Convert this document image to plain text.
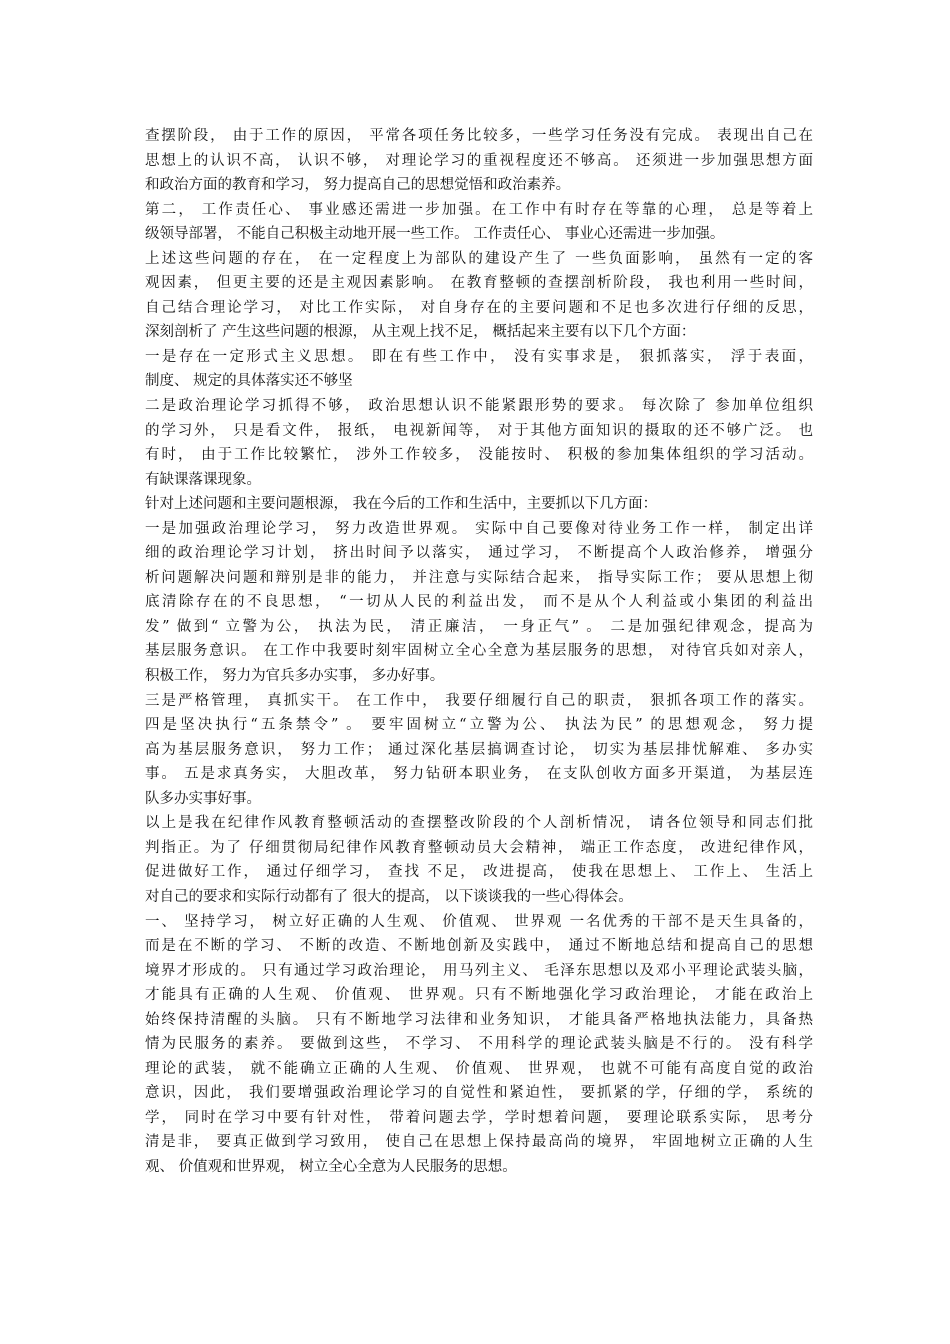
查摆阶段， 由于工作的原因， 平常各项任务比较多，一些学习任务没有完成。 表现出自己在
思想上的认识不高， 认识不够， 对理论学习的重视程度还不够高。 还须进一步加强思想方面
和政治方面的教育和学习， 努力提高自己的思想觉悟和政治素养。
第二， 工作责任心、 事业感还需进一步加强。在工作中有时存在等靠的心理， 总是等着上
级领导部署， 不能自己积极主动地开展一些工作。 工作责任心、 事业心还需进一步加强。
上述这些问题的存在， 在一定程度上为部队的建设产生了 一些负面影响， 虽然有一定的客
观因素， 但更主要的还是主观因素影响。 在教育整顿的查摆剖析阶段， 我也利用一些时间，
自己结合理论学习， 对比工作实际， 对自身存在的主要问题和不足也多次进行仔细的反思，
深刻剖析了 产生这些问题的根源， 从主观上找不足， 概括起来主要有以下几个方面：
一是存在一定形式主义思想。 即在有些工作中， 没有实事求是， 狠抓落实， 浮于表面，
制度、 规定的具体落实还不够坚
二是政治理论学习抓得不够， 政治思想认识不能紧跟形势的要求。 每次除了 参加单位组织
的学习外， 只是看文件， 报纸， 电视新闻等， 对于其他方面知识的摄取的还不够广泛。 也
有时， 由于工作比较繁忙， 涉外工作较多， 没能按时、 积极的参加集体组织的学习活动。
有缺课落课现象。
针对上述问题和主要问题根源， 我在今后的工作和生活中，主要抓以下几方面：
一是加强政治理论学习， 努力改造世界观。 实际中自己要像对待业务工作一样， 制定出详
细的政治理论学习计划， 挤出时间予以落实， 通过学习， 不断提高个人政治修养， 增强分
析问题解决问题和辩别是非的能力， 并注意与实际结合起来， 指导实际工作； 要从思想上彻
底清除存在的不良思想， “一切从人民的利益出发， 而不是从个人利益或小集团的利益出
发” 做到“ 立警为公， 执法为民， 清正廉洁， 一身正气” 。 二是加强纪律观念，提高为
基层服务意识。 在工作中我要时刻牢固树立全心全意为基层服务的思想， 对待官兵如对亲人，
积极工作， 努力为官兵多办实事， 多办好事。
三是严格管理， 真抓实干。 在工作中， 我要仔细履行自己的职责， 狠抓各项工作的落实。
四是坚决执行“五条禁令” 。 要牢固树立“立警为公、 执法为民” 的思想观念， 努力提
高为基层服务意识， 努力工作； 通过深化基层搞调查讨论， 切实为基层排忧解难、 多办实
事。 五是求真务实， 大胆改革， 努力钻研本职业务， 在支队创收方面多开渠道， 为基层连
队多办实事好事。
以上是我在纪律作风教育整顿活动的查摆整改阶段的个人剖析情况， 请各位领导和同志们批
判指正。为了 仔细贯彻局纪律作风教育整顿动员大会精神， 端正工作态度， 改进纪律作风，
促进做好工作， 通过仔细学习， 查找 不足， 改进提高， 使我在思想上、 工作上、 生活上
对自己的要求和实际行动都有了 很大的提高， 以下谈谈我的一些心得体会。
一、 坚持学习， 树立好正确的人生观、 价值观、 世界观 一名优秀的干部不是天生具备的，
而是在不断的学习、 不断的改造、不断地创新及实践中， 通过不断地总结和提高自己的思想
境界才形成的。 只有通过学习政治理论， 用马列主义、 毛泽东思想以及邓小平理论武装头脑，
才能具有正确的人生观、 价值观、 世界观。只有不断地强化学习政治理论， 才能在政治上
始终保持清醒的头脑。 只有不断地学习法律和业务知识， 才能具备严格地执法能力，具备热
情为民服务的素养。 要做到这些， 不学习、 不用科学的理论武装头脑是不行的。 没有科学
理论的武装， 就不能确立正确的人生观、 价值观、 世界观， 也就不可能有高度自觉的政治
意识，因此， 我们要增强政治理论学习的自觉性和紧迫性， 要抓紧的学，仔细的学， 系统的
学， 同时在学习中要有针对性， 带着问题去学，学时想着问题， 要理论联系实际， 思考分
清是非， 要真正做到学习致用， 使自己在思想上保持最高尚的境界， 牢固地树立正确的人生
观、 价值观和世界观， 树立全心全意为人民服务的思想。
